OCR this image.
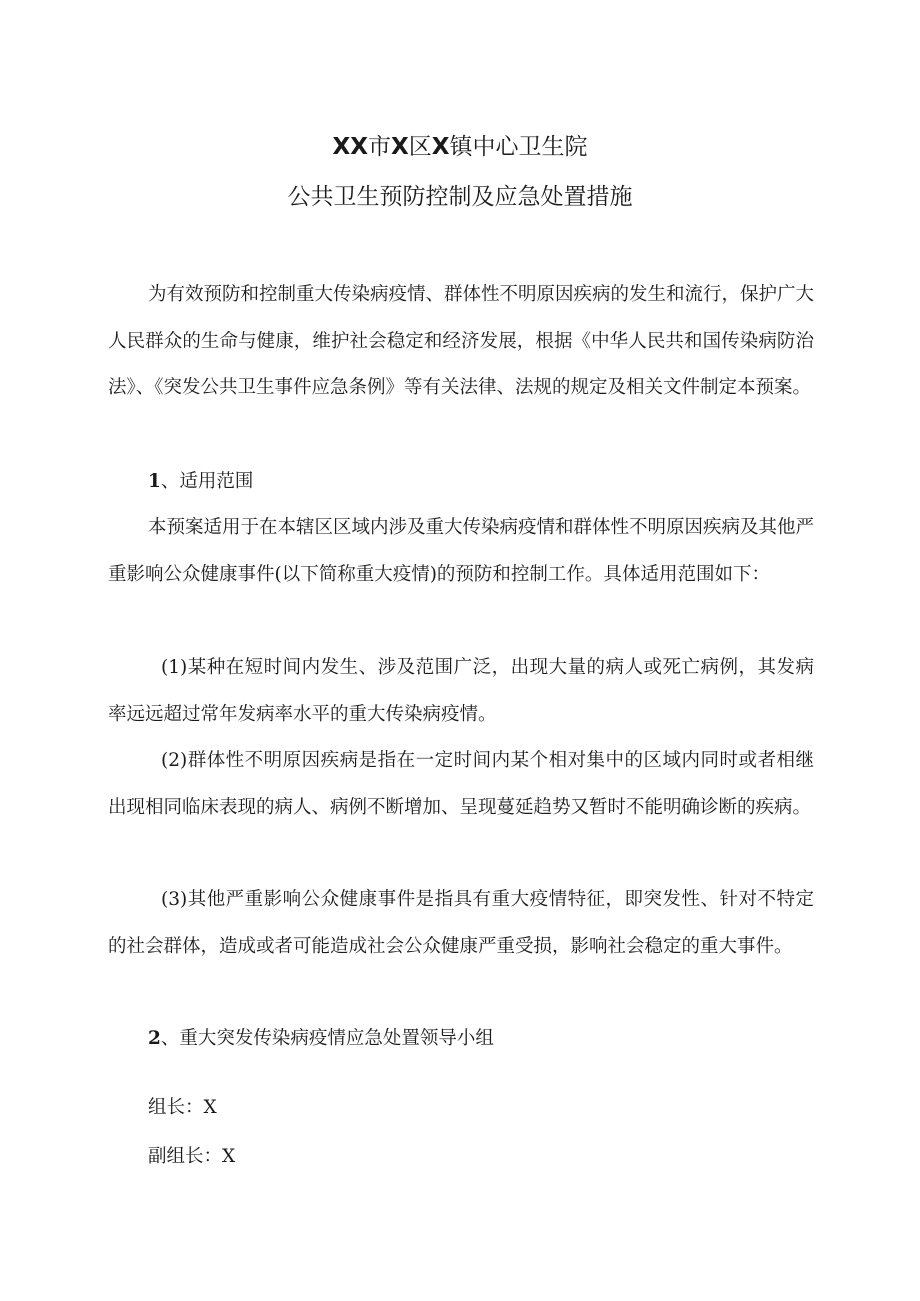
XX市X区X镇中心卫生院
公共卫生预防控制及应急处置措施

为有效预防和控制重大传染病疫情、群体性不明原因疾病的发生和流行，保护广大人民群众的生命与健康，维护社会稳定和经济发展，根据《中华人民共和国传染病防治法》、《突发公共卫生事件应急条例》等有关法律、法规的规定及相关文件制定本预案。

1、适用范围

本预案适用于在本辖区区域内涉及重大传染病疫情和群体性不明原因疾病及其他严重影响公众健康事件(以下简称重大疫情)的预防和控制工作。具体适用范围如下：

(1)某种在短时间内发生、涉及范围广泛，出现大量的病人或死亡病例，其发病率远远超过常年发病率水平的重大传染病疫情。

(2)群体性不明原因疾病是指在一定时间内某个相对集中的区域内同时或者相继出现相同临床表现的病人、病例不断增加、呈现蔓延趋势又暂时不能明确诊断的疾病。

(3)其他严重影响公众健康事件是指具有重大疫情特征，即突发性、针对不特定的社会群体，造成或者可能造成社会公众健康严重受损，影响社会稳定的重大事件。

2、重大突发传染病疫情应急处置领导小组

组长：X

副组长：X
